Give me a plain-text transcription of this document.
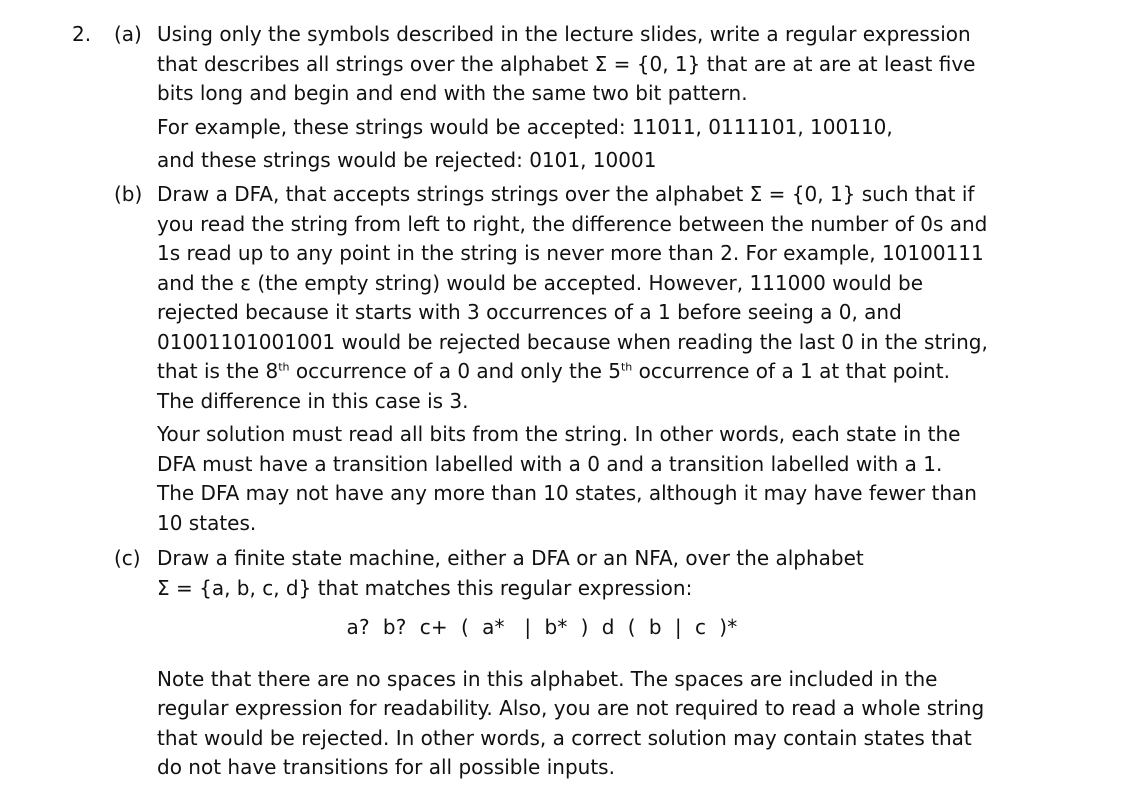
2. (a) Using only the symbols described in the lecture slides, write a regular expression
that describes all strings over the alphabet Σ = {0, 1} that are at are at least five
bits long and begin and end with the same two bit pattern.
For example, these strings would be accepted: 11011, 0111101, 100110,
and these strings would be rejected: 0101, 10001
(b) Draw a DFA, that accepts strings strings over the alphabet Σ = {0, 1} such that if
you read the string from left to right, the difference between the number of 0s and
1s read up to any point in the string is never more than 2. For example, 10100111
and the ε (the empty string) would be accepted. However, 111000 would be
rejected because it starts with 3 occurrences of a 1 before seeing a 0, and
01001101001001 would be rejected because when reading the last 0 in the string,
that is the 8th occurrence of a 0 and only the 5th occurrence of a 1 at that point.
The difference in this case is 3.
Your solution must read all bits from the string. In other words, each state in the
DFA must have a transition labelled with a 0 and a transition labelled with a 1.
The DFA may not have any more than 10 states, although it may have fewer than
10 states.
(c) Draw a finite state machine, either a DFA or an NFA, over the alphabet
Σ = {a, b, c, d} that matches this regular expression:
a?  b?  c+  (  a*   |  b*  )  d  (  b  |  c  )*
Note that there are no spaces in this alphabet. The spaces are included in the
regular expression for readability. Also, you are not required to read a whole string
that would be rejected. In other words, a correct solution may contain states that
do not have transitions for all possible inputs.
